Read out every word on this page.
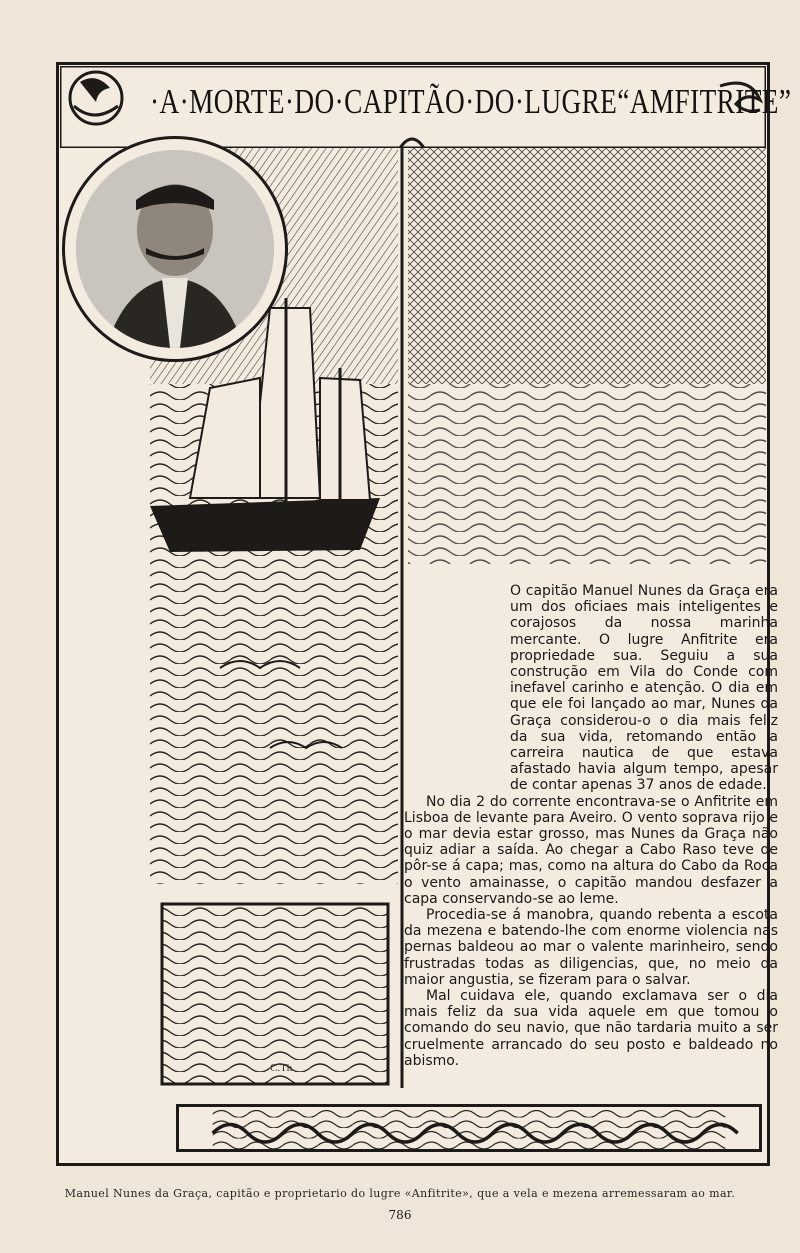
·A·MORTE·DO·CAPITÃO·DO·LUGRE“AMFITRITE”

O capitão Manuel Nunes da Graça era um dos oficiaes mais inteligentes e corajosos da nossa marinha mercante. O lugre Anfitrite era propriedade sua. Seguiu a sua construção em Vila do Conde com inefavel carinho e atenção. O dia em que ele foi lançado ao mar, Nunes da Graça considerou-o o dia mais feliz da sua vida, retomando então a carreira nautica de que estava afastado havia algum tempo, apesar de contar apenas 37 anos de edade.

No dia 2 do corrente encontrava-se o Anfitrite em Lisboa de levante para Aveiro. O vento soprava rijo e o mar devia estar grosso, mas Nunes da Graça não quiz adiar a saída. Ao chegar a Cabo Raso teve de pôr-se á capa; mas, como na altura do Cabo da Roca o vento amainasse, o capitão mandou desfazer a capa conservando-se ao leme.

Procedia-se á manobra, quando rebenta a escota da mezena e batendo-lhe com enorme violencia nas pernas baldeou ao mar o valente marinheiro, sendo frustradas todas as diligencias, que, no meio da maior angustia, se fizeram para o salvar.

Mal cuidava ele, quando exclamava ser o dia mais feliz da sua vida aquele em que tomou o comando do seu navio, que não tardaria muito a ser cruelmente arrancado do seu posto e baldeado no abismo.

C.Th.
Manuel Nunes da Graça, capitão e proprietario do lugre «Anfitrite», que a vela e mezena arremessaram ao mar.
786
